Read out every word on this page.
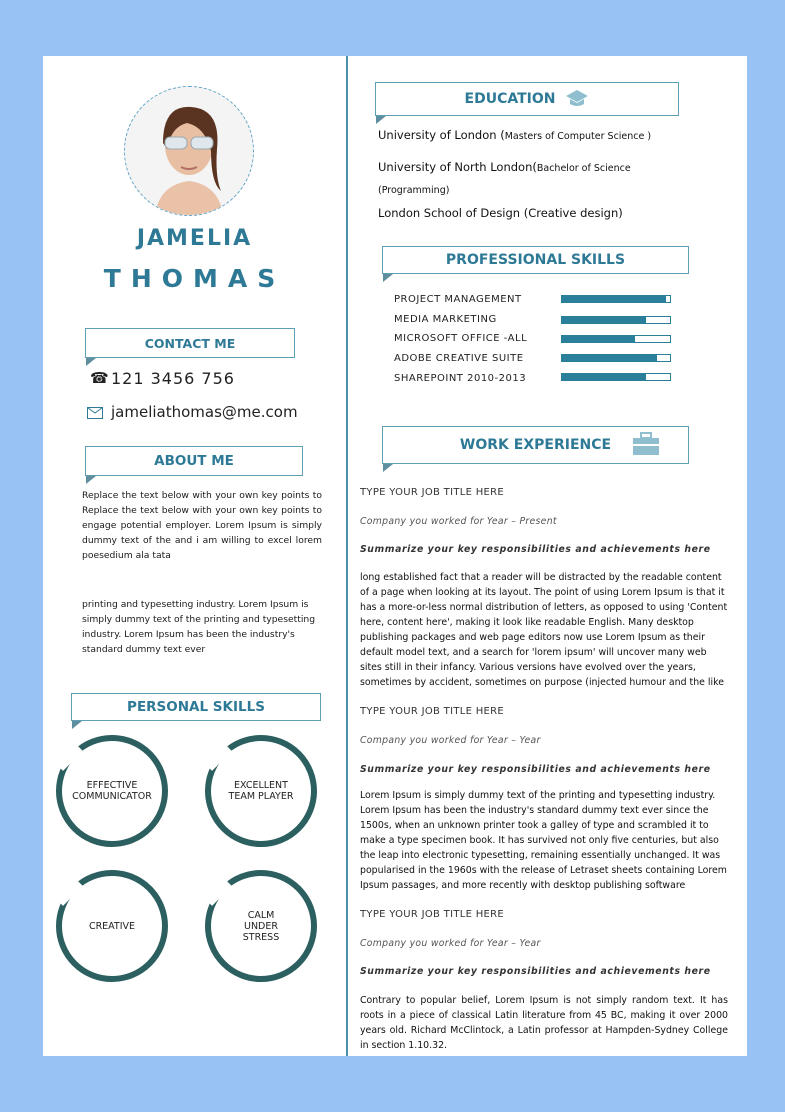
JAMELIA
THOMAS
CONTACT ME
☎ 121 3456 756
jameliathomas@me.com
ABOUT ME
Replace the text below with your own key points to Replace the text below with your own key points to engage potential employer. Lorem Ipsum is simply dummy text of the and i am willing to excel lorem poesedium ala tata
printing and typesetting industry. Lorem Ipsum is simply dummy text of the printing and typesetting industry. Lorem Ipsum has been the industry's standard dummy text ever
PERSONAL SKILLS
EFFECTIVE COMMUNICATOR
EXCELLENT TEAM PLAYER
CREATIVE
CALM UNDER STRESS
EDUCATION
University of London (Masters of Computer Science )
University of North London(Bachelor of Science (Programming)
London School of Design (Creative design)
PROFESSIONAL SKILLS
PROJECT MANAGEMENT
MEDIA MARKETING
MICROSOFT OFFICE -ALL
ADOBE CREATIVE SUITE
SHAREPOINT 2010-2013
WORK EXPERIENCE
TYPE YOUR JOB TITLE HERE
Company you worked for Year – Present
Summarize your key responsibilities and achievements here
long established fact that a reader will be distracted by the readable content of a page when looking at its layout. The point of using Lorem Ipsum is that it has a more-or-less normal distribution of letters, as opposed to using 'Content here, content here', making it look like readable English. Many desktop publishing packages and web page editors now use Lorem Ipsum as their default model text, and a search for 'lorem ipsum' will uncover many web sites still in their infancy. Various versions have evolved over the years, sometimes by accident, sometimes on purpose (injected humour and the like
TYPE YOUR JOB TITLE HERE
Company you worked for Year – Year
Summarize your key responsibilities and achievements here
Lorem Ipsum is simply dummy text of the printing and typesetting industry. Lorem Ipsum has been the industry's standard dummy text ever since the 1500s, when an unknown printer took a galley of type and scrambled it to make a type specimen book. It has survived not only five centuries, but also the leap into electronic typesetting, remaining essentially unchanged. It was popularised in the 1960s with the release of Letraset sheets containing Lorem Ipsum passages, and more recently with desktop publishing software
TYPE YOUR JOB TITLE HERE
Company you worked for Year – Year
Summarize your key responsibilities and achievements here
Contrary to popular belief, Lorem Ipsum is not simply random text. It has roots in a piece of classical Latin literature from 45 BC, making it over 2000 years old. Richard McClintock, a Latin professor at Hampden-Sydney College in section 1.10.32.
